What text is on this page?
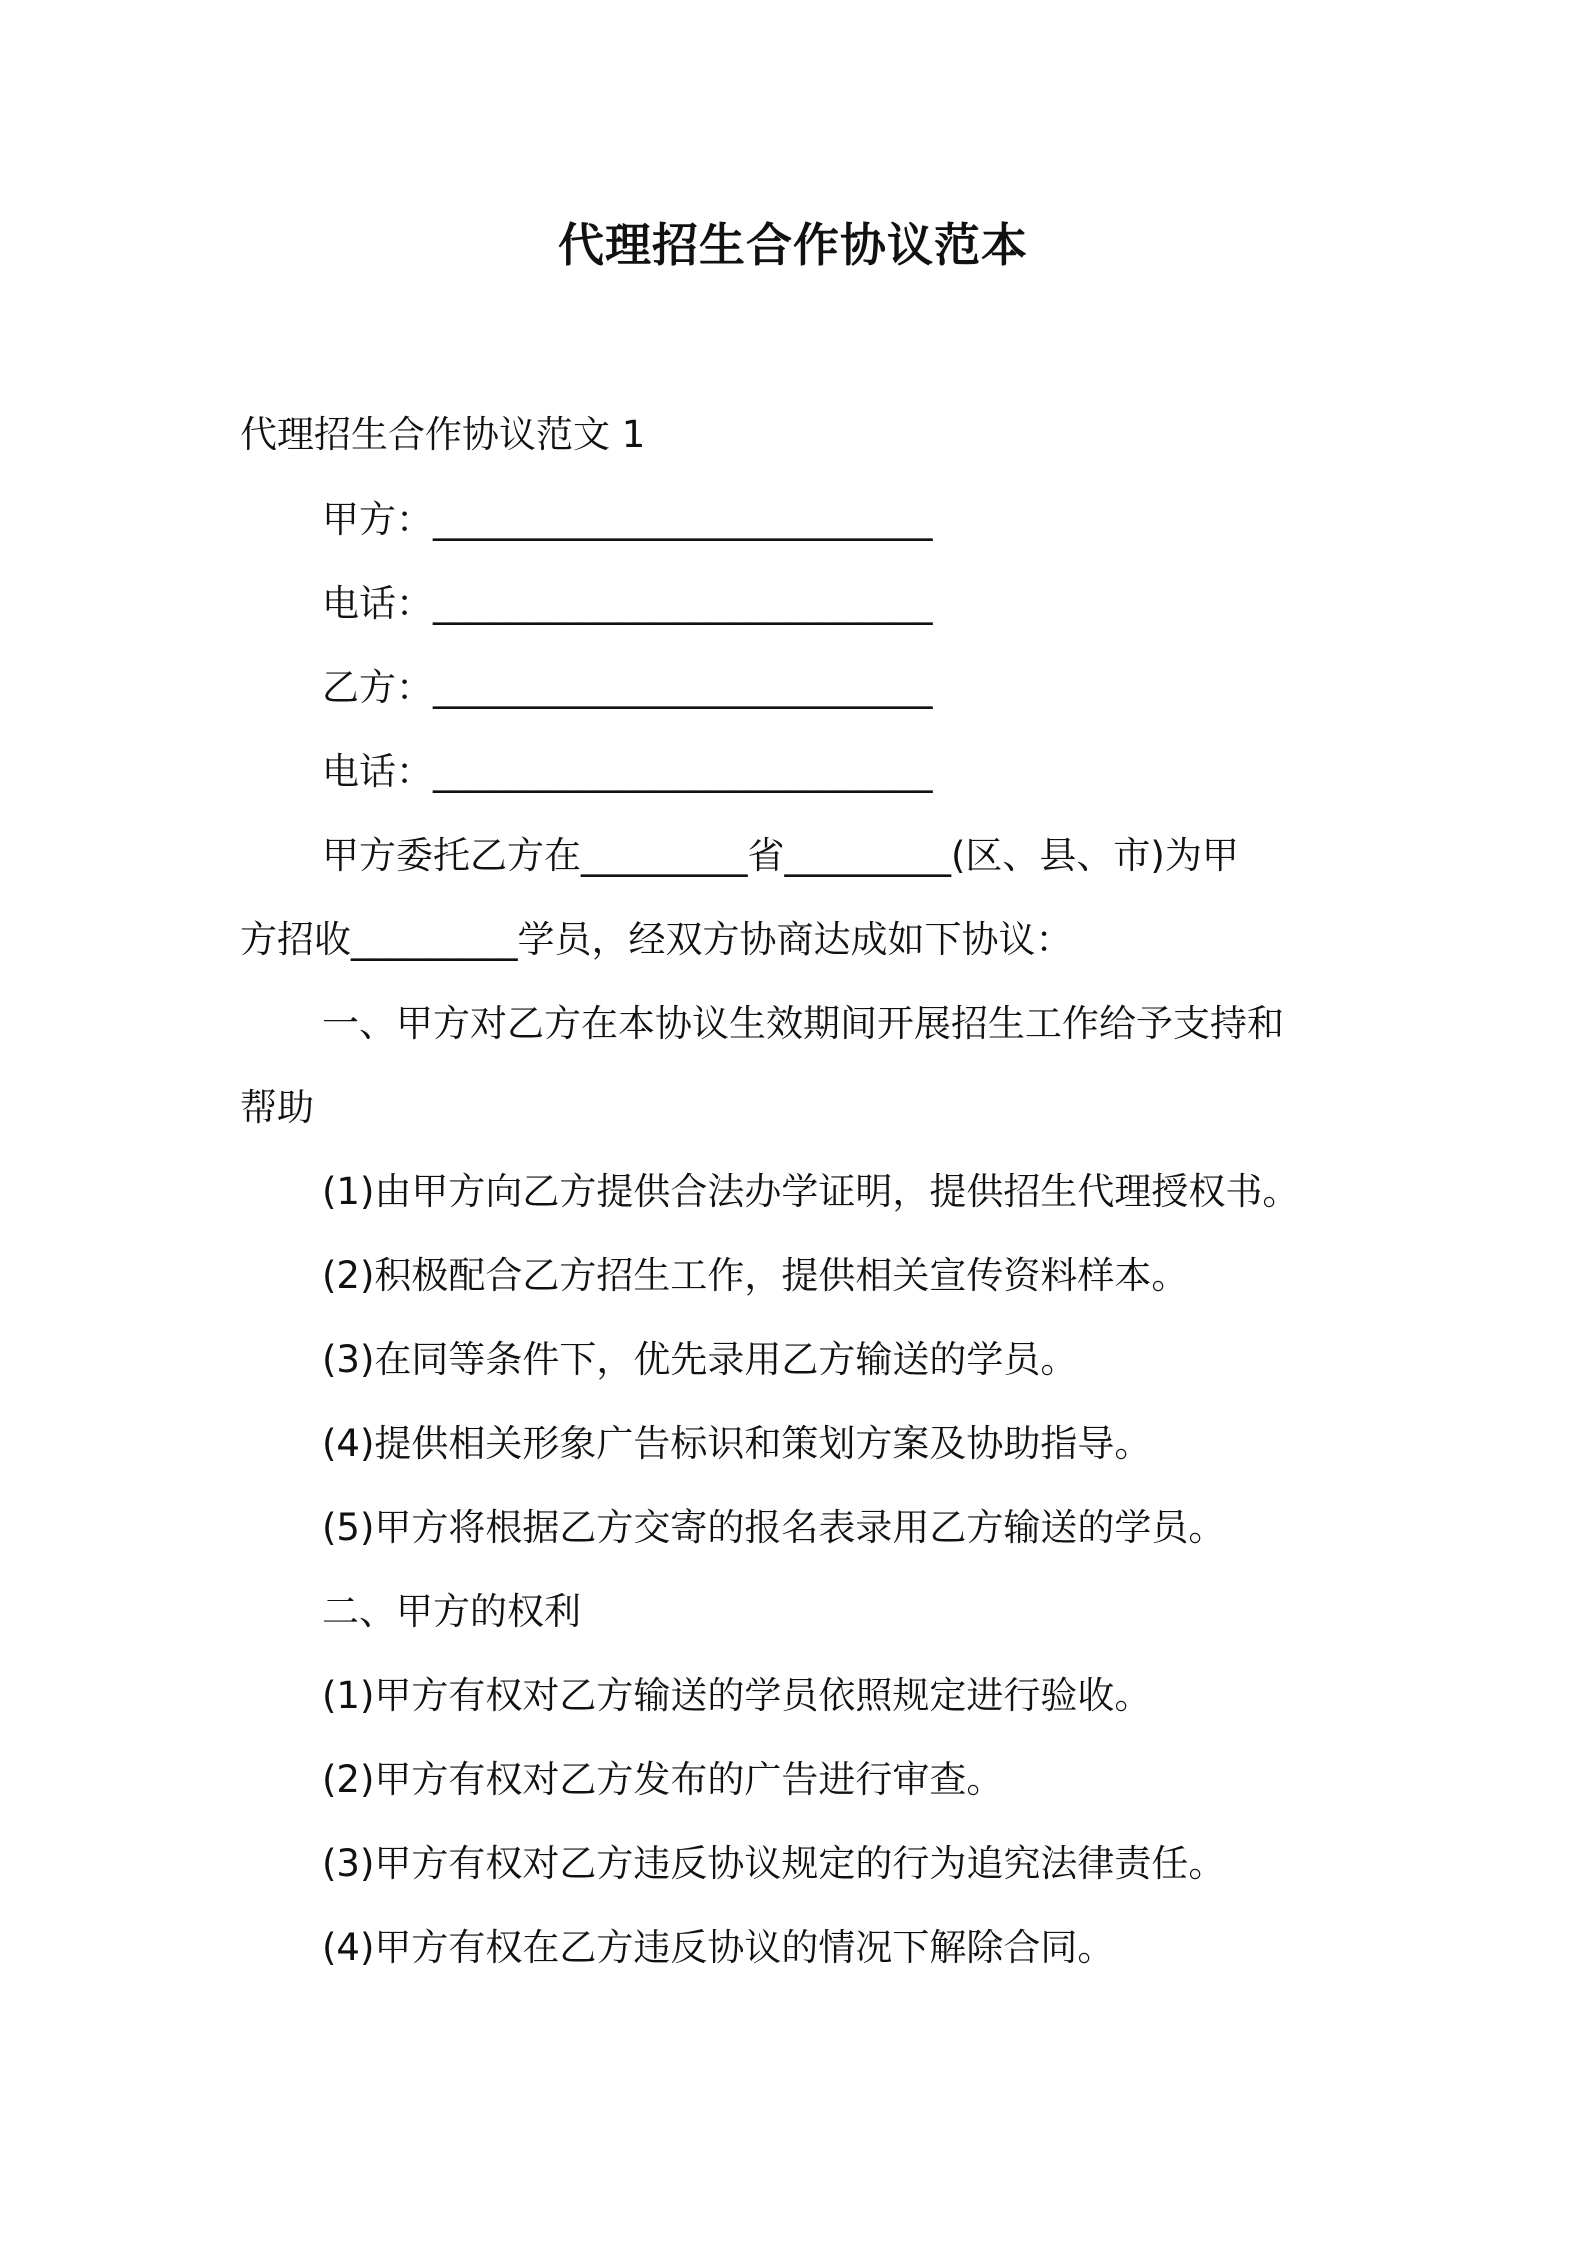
代理招生合作协议范本
代理招生合作协议范文 1
甲方：___________________________
电话：___________________________
乙方：___________________________
电话：___________________________
甲方委托乙方在_________省_________(区、县、市)为甲
方招收_________学员，经双方协商达成如下协议：
一、甲方对乙方在本协议生效期间开展招生工作给予支持和
帮助
(1)由甲方向乙方提供合法办学证明，提供招生代理授权书。
(2)积极配合乙方招生工作，提供相关宣传资料样本。
(3)在同等条件下，优先录用乙方输送的学员。
(4)提供相关形象广告标识和策划方案及协助指导。
(5)甲方将根据乙方交寄的报名表录用乙方输送的学员。
二、甲方的权利
(1)甲方有权对乙方输送的学员依照规定进行验收。
(2)甲方有权对乙方发布的广告进行审查。
(3)甲方有权对乙方违反协议规定的行为追究法律责任。
(4)甲方有权在乙方违反协议的情况下解除合同。
